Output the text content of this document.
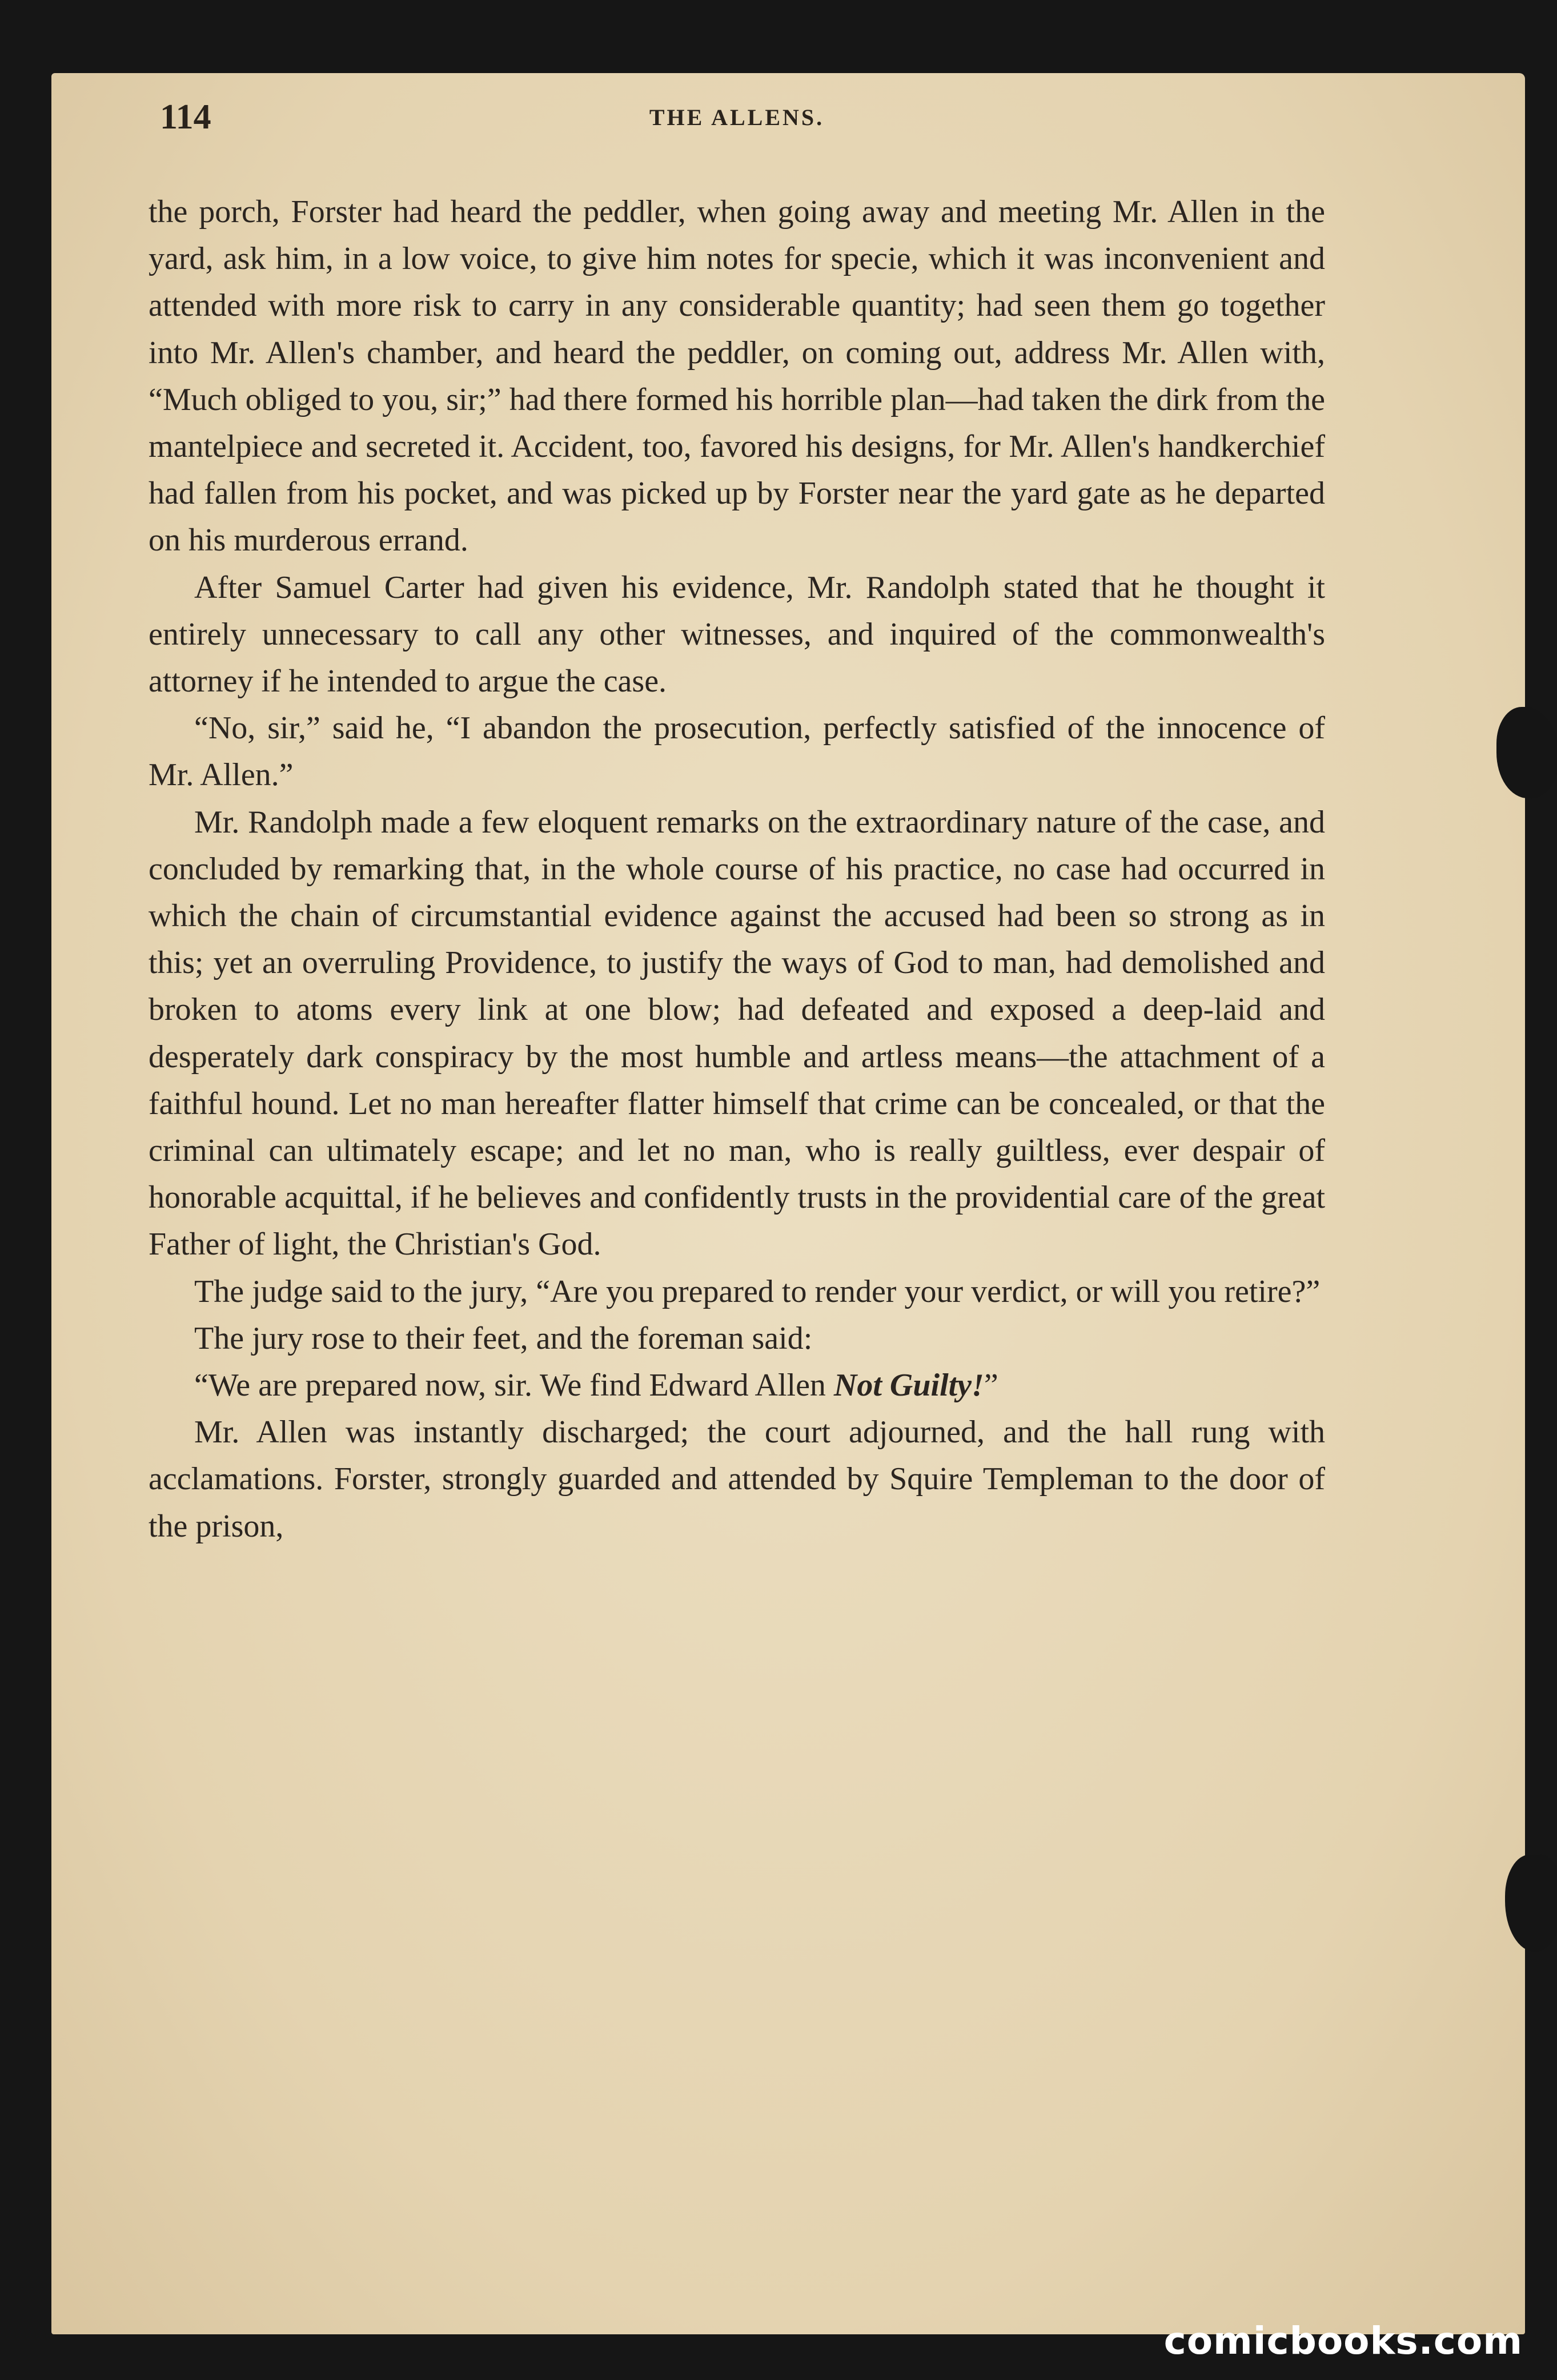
114	THE ALLENS.

the porch, Forster had heard the peddler, when going away and meeting Mr. Allen in the yard, ask him, in a low voice, to give him notes for specie, which it was inconvenient and attended with more risk to carry in any considerable quantity; had seen them go together into Mr. Allen's chamber, and heard the peddler, on coming out, address Mr. Allen with, “Much obliged to you, sir;” had there formed his horrible plan—had taken the dirk from the mantelpiece and secreted it. Accident, too, favored his designs, for Mr. Allen's handkerchief had fallen from his pocket, and was picked up by Forster near the yard gate as he departed on his murderous errand.

After Samuel Carter had given his evidence, Mr. Randolph stated that he thought it entirely unnecessary to call any other witnesses, and inquired of the commonwealth's attorney if he intended to argue the case.

“No, sir,” said he, “I abandon the prosecution, perfectly satisfied of the innocence of Mr. Allen.”

Mr. Randolph made a few eloquent remarks on the extraordinary nature of the case, and concluded by remarking that, in the whole course of his practice, no case had occurred in which the chain of circumstantial evidence against the accused had been so strong as in this; yet an overruling Providence, to justify the ways of God to man, had demolished and broken to atoms every link at one blow; had defeated and exposed a deep-laid and desperately dark conspiracy by the most humble and artless means—the attachment of a faithful hound. Let no man hereafter flatter himself that crime can be concealed, or that the criminal can ultimately escape; and let no man, who is really guiltless, ever despair of honorable acquittal, if he believes and confidently trusts in the providential care of the great Father of light, the Christian's God.

The judge said to the jury, “Are you prepared to render your verdict, or will you retire?”

The jury rose to their feet, and the foreman said:

“We are prepared now, sir. We find Edward Allen Not Guilty!”

Mr. Allen was instantly discharged; the court adjourned, and the hall rung with acclamations. Forster, strongly guarded and attended by Squire Templeman to the door of the prison,

comicbooks.com
